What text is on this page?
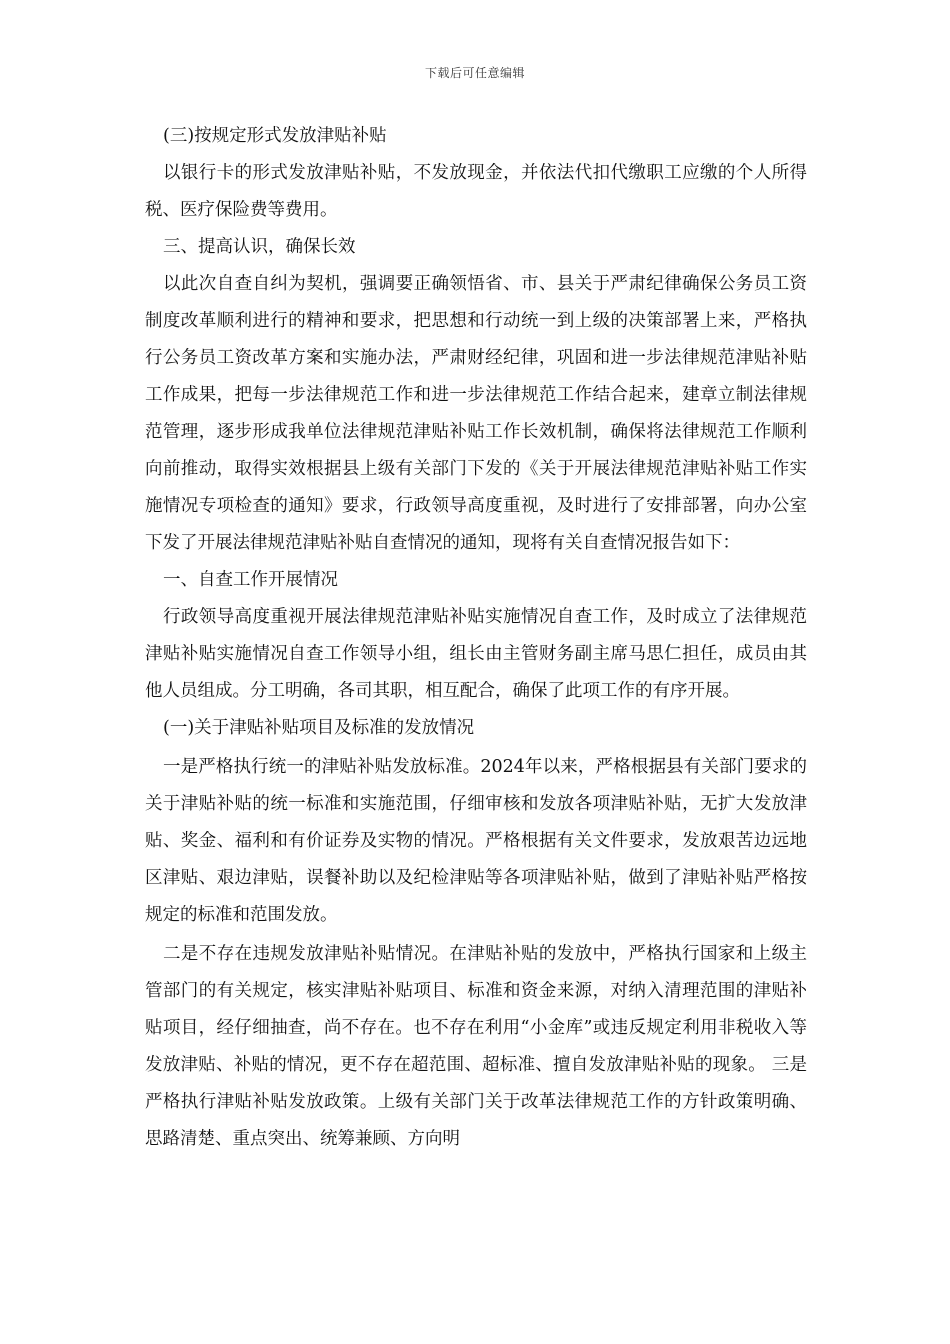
下载后可任意编辑

(三)按规定形式发放津贴补贴

以银行卡的形式发放津贴补贴，不发放现金，并依法代扣代缴职工应缴的个人所得税、医疗保险费等费用。

三、提高认识，确保长效

以此次自查自纠为契机，强调要正确领悟省、市、县关于严肃纪律确保公务员工资制度改革顺利进行的精神和要求，把思想和行动统一到上级的决策部署上来，严格执行公务员工资改革方案和实施办法，严肃财经纪律，巩固和进一步法律规范津贴补贴工作成果，把每一步法律规范工作和进一步法律规范工作结合起来，建章立制法律规范管理，逐步形成我单位法律规范津贴补贴工作长效机制，确保将法律规范工作顺利向前推动，取得实效根据县上级有关部门下发的《关于开展法律规范津贴补贴工作实施情况专项检查的通知》要求，行政领导高度重视，及时进行了安排部署，向办公室下发了开展法律规范津贴补贴自查情况的通知，现将有关自查情况报告如下：

一、自查工作开展情况

行政领导高度重视开展法律规范津贴补贴实施情况自查工作，及时成立了法律规范津贴补贴实施情况自查工作领导小组，组长由主管财务副主席马思仁担任，成员由其他人员组成。分工明确，各司其职，相互配合，确保了此项工作的有序开展。

(一)关于津贴补贴项目及标准的发放情况

一是严格执行统一的津贴补贴发放标准。2024年以来，严格根据县有关部门要求的关于津贴补贴的统一标准和实施范围，仔细审核和发放各项津贴补贴，无扩大发放津贴、奖金、福利和有价证券及实物的情况。严格根据有关文件要求，发放艰苦边远地区津贴、艰边津贴，误餐补助以及纪检津贴等各项津贴补贴，做到了津贴补贴严格按规定的标准和范围发放。

二是不存在违规发放津贴补贴情况。在津贴补贴的发放中，严格执行国家和上级主管部门的有关规定，核实津贴补贴项目、标准和资金来源，对纳入清理范围的津贴补贴项目，经仔细抽查，尚不存在。也不存在利用“小金库”或违反规定利用非税收入等发放津贴、补贴的情况，更不存在超范围、超标准、擅自发放津贴补贴的现象。 三是严格执行津贴补贴发放政策。上级有关部门关于改革法律规范工作的方针政策明确、思路清楚、重点突出、统筹兼顾、方向明
